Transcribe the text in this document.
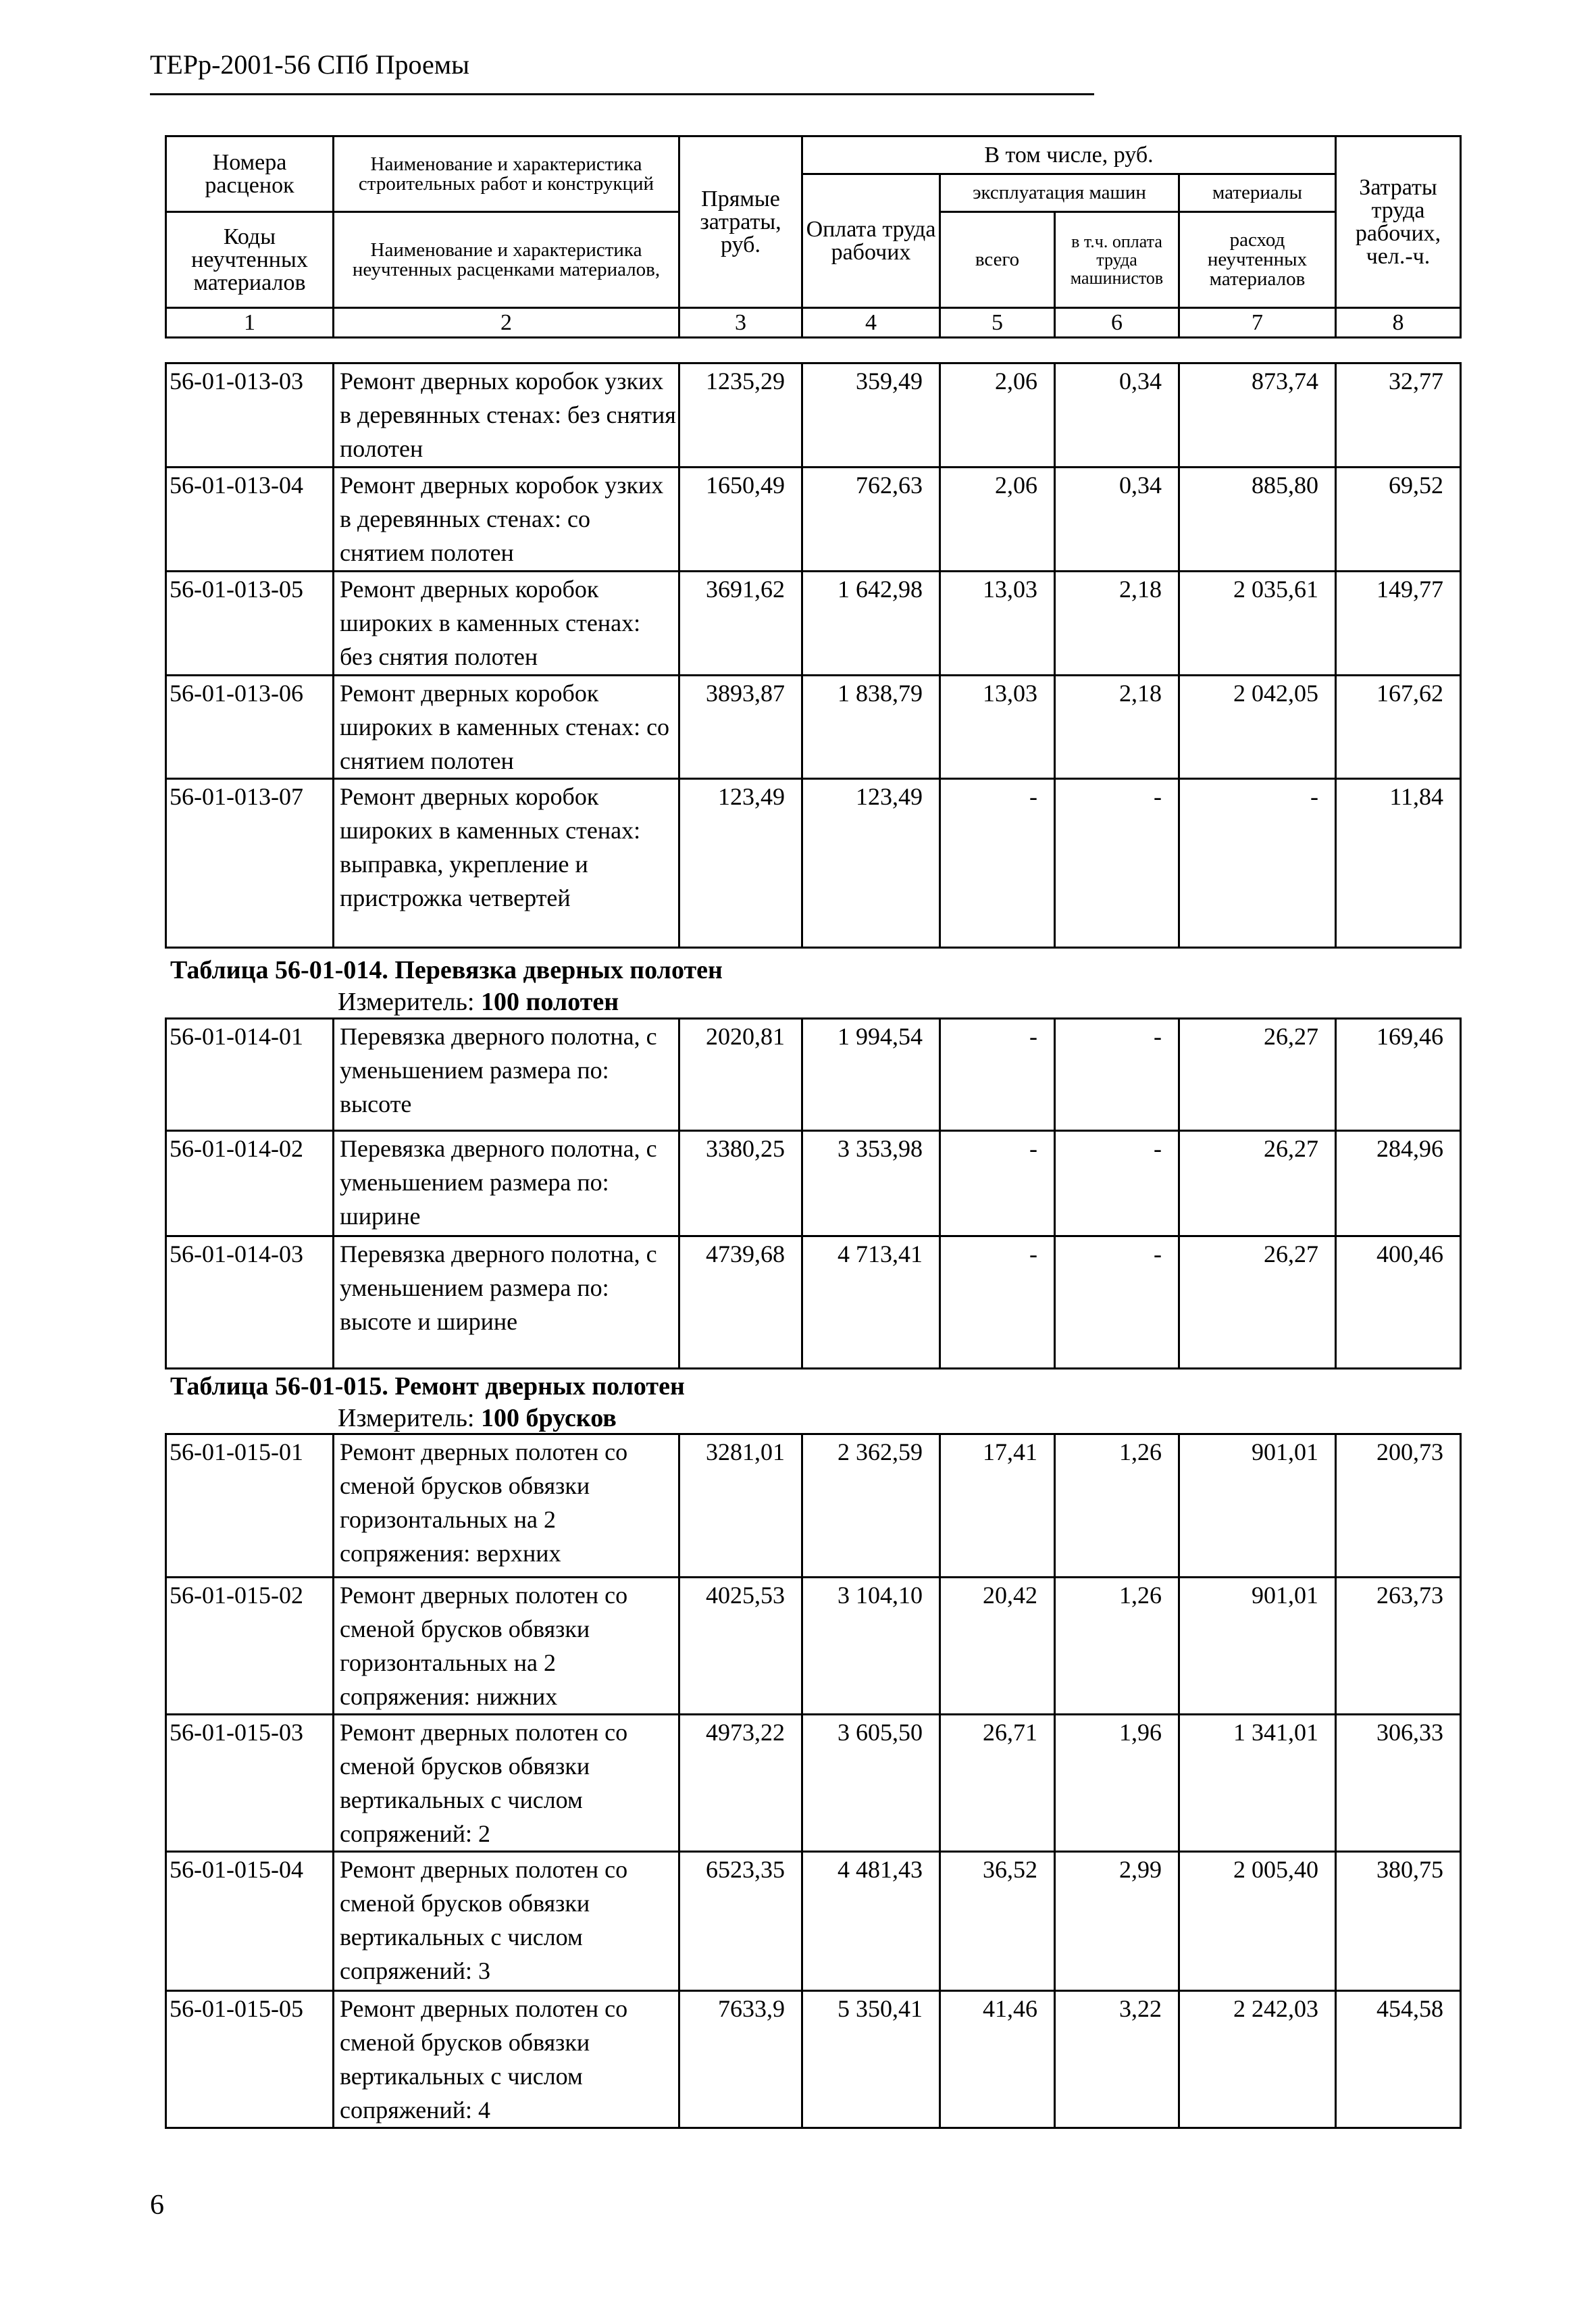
ТЕРр-2001-56 СПб Проемы
Номера расценок	Наименование и характеристика строительных работ и конструкций	Прямые затраты, руб.	В том числе, руб.				Затраты труда рабочих, чел.-ч.
			Оплата труда рабочих	эксплуатация машин		материалы	
Коды неучтенных материалов	Наименование и характеристика неучтенных расценками материалов,			всего	в т.ч. оплата труда машинистов	расход неучтенных материалов	

1	2	3	4	5	6	7	8
56-01-013-03	Ремонт дверных коробок узких в деревянных стенах: без снятия полотен	1235,29	359,49	2,06	0,34	873,74	32,77
56-01-013-04	Ремонт дверных коробок узких в деревянных стенах: со снятием полотен	1650,49	762,63	2,06	0,34	885,80	69,52
56-01-013-05	Ремонт дверных коробок широких в каменных стенах: без снятия полотен	3691,62	1 642,98	13,03	2,18	2 035,61	149,77
56-01-013-06	Ремонт дверных коробок широких в каменных стенах: со снятием полотен	3893,87	1 838,79	13,03	2,18	2 042,05	167,62
56-01-013-07	Ремонт дверных коробок широких в каменных стенах: выправка, укрепление и пристрожка четвертей	123,49	123,49	-	-	-	11,84
Таблица 56-01-014. Перевязка дверных полотен
Измеритель: 100 полотен
56-01-014-01	Перевязка дверного полотна, с уменьшением размера по: высоте	2020,81	1 994,54	-	-	26,27	169,46
56-01-014-02	Перевязка дверного полотна, с уменьшением размера по: ширине	3380,25	3 353,98	-	-	26,27	284,96
56-01-014-03	Перевязка дверного полотна, с уменьшением размера по: высоте и ширине	4739,68	4 713,41	-	-	26,27	400,46
Таблица 56-01-015. Ремонт дверных полотен
Измеритель: 100 брусков
56-01-015-01	Ремонт дверных полотен со сменой брусков обвязки горизонтальных на 2 сопряжения: верхних	3281,01	2 362,59	17,41	1,26	901,01	200,73
56-01-015-02	Ремонт дверных полотен со сменой брусков обвязки горизонтальных на 2 сопряжения: нижних	4025,53	3 104,10	20,42	1,26	901,01	263,73
56-01-015-03	Ремонт дверных полотен со сменой брусков обвязки вертикальных с числом сопряжений: 2	4973,22	3 605,50	26,71	1,96	1 341,01	306,33
56-01-015-04	Ремонт дверных полотен со сменой брусков обвязки вертикальных с числом сопряжений: 3	6523,35	4 481,43	36,52	2,99	2 005,40	380,75
56-01-015-05	Ремонт дверных полотен со сменой брусков обвязки вертикальных с числом сопряжений: 4	7633,9	5 350,41	41,46	3,22	2 242,03	454,58
6
